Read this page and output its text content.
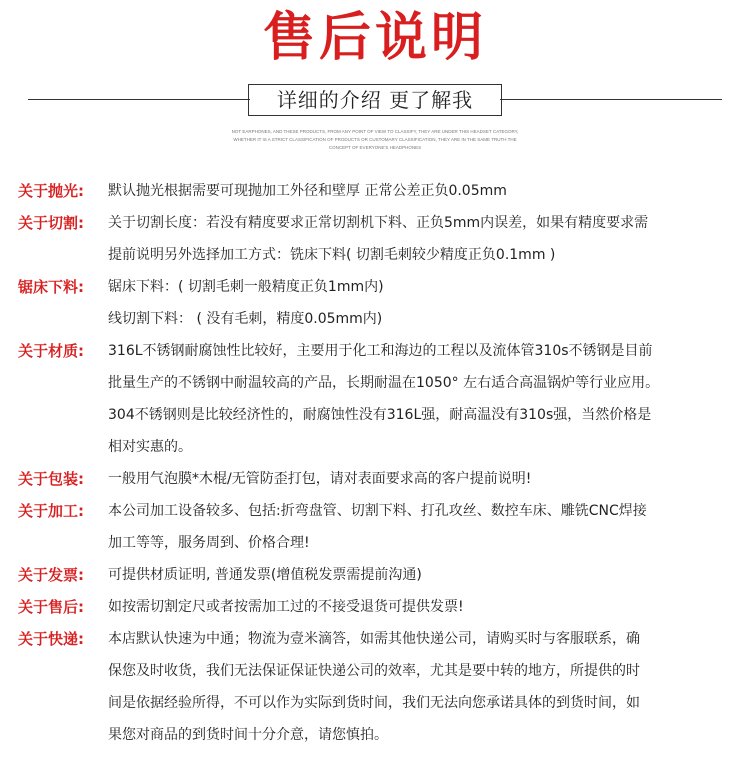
售后说明
详细的介绍 更了解我
NOT EARPHONES, AND THESE PRODUCTS, FROM ANY POINT OF VIEW TO CLASSIFY, THEY ARE UNDER THIS HEADSET CATEGORY,
WHETHER IT IS A STRICT CLASSIFICATION OF PRODUCTS OR CUSTOMARY CLASSIFICATION, THEY ARE IN THE SAME TRUTH THE
CONCEPT OF EVERYONE'S HEADPHONES
关于抛光: 默认抛光根据需要可现抛加工外径和壁厚 正常公差正负0.05mm
关于切割: 关于切割长度：若没有精度要求正常切割机下料、正负5mm内误差，如果有精度要求需
提前说明另外选择加工方式：铣床下料( 切割毛刺较少精度正负0.1mm )
锯床下料: 锯床下料：( 切割毛刺一般精度正负1mm内)
线切割下料： ( 没有毛刺，精度0.05mm内)
关于材质: 316L不锈钢耐腐蚀性比较好，主要用于化工和海边的工程以及流体管310s不锈钢是目前
批量生产的不锈钢中耐温较高的产品，长期耐温在1050° 左右适合高温锅炉等行业应用。
304不锈钢则是比较经济性的，耐腐蚀性没有316L强，耐高温没有310s强，当然价格是
相对实惠的。
关于包装: 一般用气泡膜*木棍/无管防歪打包，请对表面要求高的客户提前说明!
关于加工: 本公司加工设备较多、包括:折弯盘管、切割下料、打孔攻丝、数控车床、雕铣CNC焊接
加工等等，服务周到、价格合理!
关于发票: 可提供材质证明, 普通发票(增值税发票需提前沟通)
关于售后: 如按需切割定尺或者按需加工过的不接受退货可提供发票!
关于快递: 本店默认快速为中通；物流为壹米滴答，如需其他快递公司，请购买时与客服联系，确
保您及时收货，我们无法保证保证快递公司的效率，尤其是要中转的地方，所提供的时
间是依据经验所得，不可以作为实际到货时间，我们无法向您承诺具体的到货时间，如
果您对商品的到货时间十分介意，请您慎拍。
